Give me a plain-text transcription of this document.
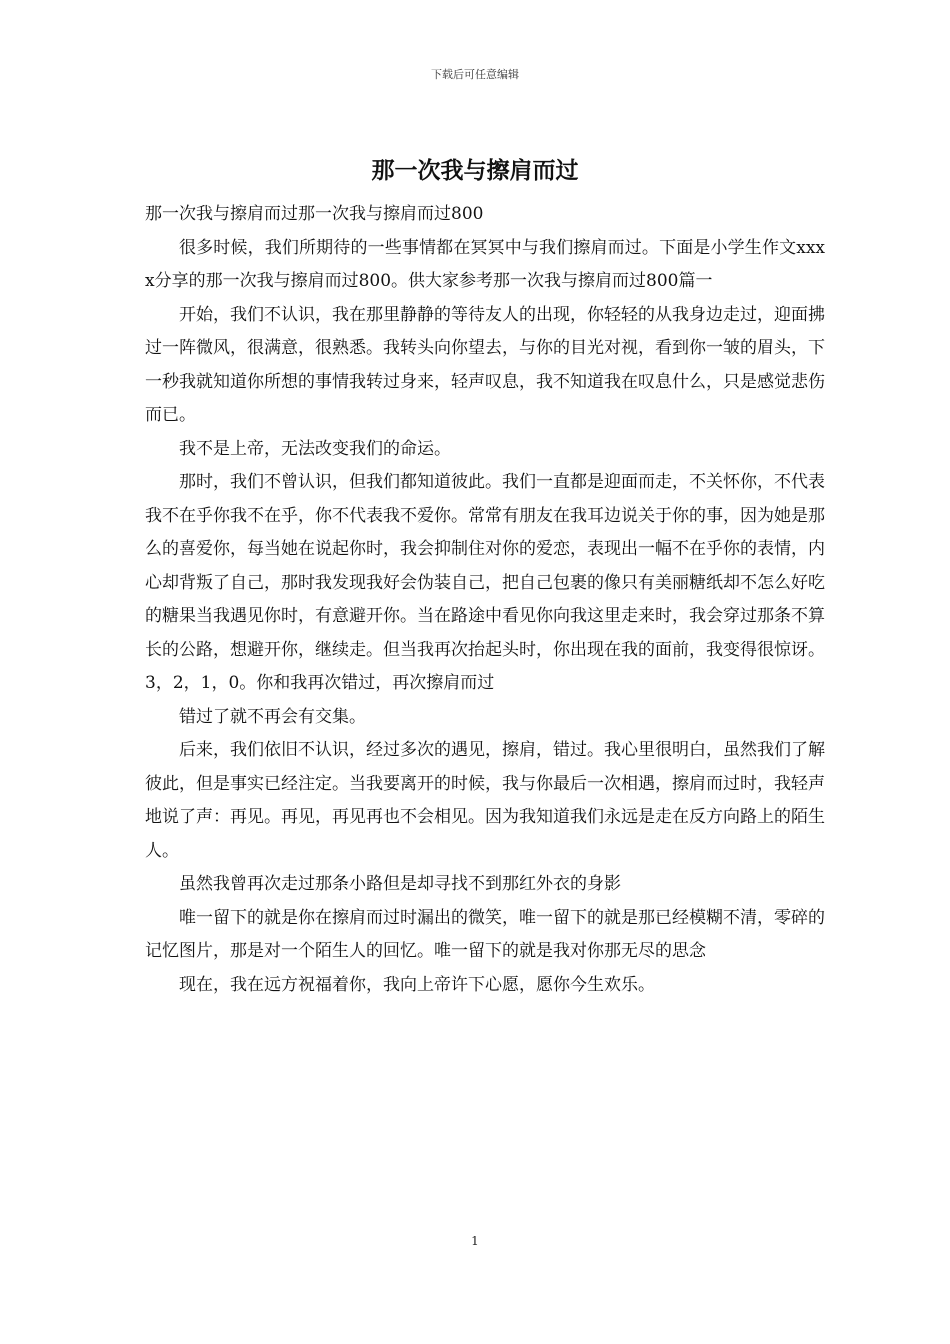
下载后可任意编辑
那一次我与擦肩而过

那一次我与擦肩而过那一次我与擦肩而过800

很多时候，我们所期待的一些事情都在冥冥中与我们擦肩而过。下面是小学生作文xxxx分享的那一次我与擦肩而过800。供大家参考那一次我与擦肩而过800篇一

开始，我们不认识，我在那里静静的等待友人的出现，你轻轻的从我身边走过，迎面拂过一阵微风，很满意，很熟悉。我转头向你望去，与你的目光对视，看到你一皱的眉头，下一秒我就知道你所想的事情我转过身来，轻声叹息，我不知道我在叹息什么，只是感觉悲伤而已。

我不是上帝，无法改变我们的命运。

那时，我们不曾认识，但我们都知道彼此。我们一直都是迎面而走，不关怀你，不代表我不在乎你我不在乎，你不代表我不爱你。常常有朋友在我耳边说关于你的事，因为她是那么的喜爱你，每当她在说起你时，我会抑制住对你的爱恋，表现出一幅不在乎你的表情，内心却背叛了自己，那时我发现我好会伪装自己，把自己包裹的像只有美丽糖纸却不怎么好吃的糖果当我遇见你时，有意避开你。当在路途中看见你向我这里走来时，我会穿过那条不算长的公路，想避开你，继续走。但当我再次抬起头时，你出现在我的面前，我变得很惊讶。3，2，1，0。你和我再次错过，再次擦肩而过

错过了就不再会有交集。

后来，我们依旧不认识，经过多次的遇见，擦肩，错过。我心里很明白，虽然我们了解彼此，但是事实已经注定。当我要离开的时候，我与你最后一次相遇，擦肩而过时，我轻声地说了声：再见。再见，再见再也不会相见。因为我知道我们永远是走在反方向路上的陌生人。

虽然我曾再次走过那条小路但是却寻找不到那红外衣的身影

唯一留下的就是你在擦肩而过时漏出的微笑，唯一留下的就是那已经模糊不清，零碎的记忆图片，那是对一个陌生人的回忆。唯一留下的就是我对你那无尽的思念

现在，我在远方祝福着你，我向上帝许下心愿，愿你今生欢乐。

1
